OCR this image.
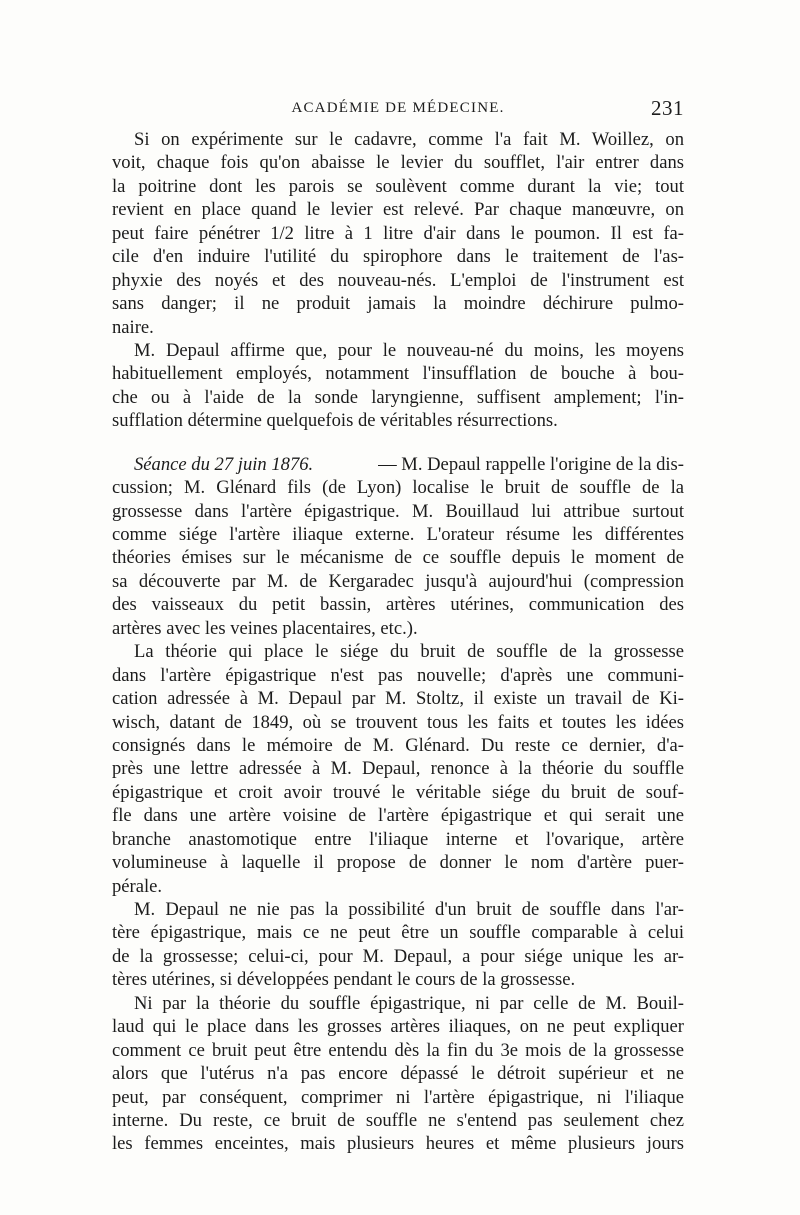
ACADÉMIE DE MÉDECINE.	231
Si on expérimente sur le cadavre, comme l'a fait M. Woillez, on
voit, chaque fois qu'on abaisse le levier du soufflet, l'air entrer dans
la poitrine dont les parois se soulèvent comme durant la vie; tout
revient en place quand le levier est relevé. Par chaque manœuvre, on
peut faire pénétrer 1/2 litre à 1 litre d'air dans le poumon. Il est fa-
cile d'en induire l'utilité du spirophore dans le traitement de l'as-
phyxie des noyés et des nouveau-nés. L'emploi de l'instrument est
sans danger; il ne produit jamais la moindre déchirure pulmo-
naire.
M. Depaul affirme que, pour le nouveau-né du moins, les moyens
habituellement employés, notamment l'insufflation de bouche à bou-
che ou à l'aide de la sonde laryngienne, suffisent amplement; l'in-
sufflation détermine quelquefois de véritables résurrections.
Séance du 27 juin 1876.	— M. Depaul rappelle l'origine de la dis-
cussion; M. Glénard fils (de Lyon) localise le bruit de souffle de la
grossesse dans l'artère épigastrique. M. Bouillaud lui attribue surtout
comme siége l'artère iliaque externe. L'orateur résume les différentes
théories émises sur le mécanisme de ce souffle depuis le moment de
sa découverte par M. de Kergaradec jusqu'à aujourd'hui (compression
des vaisseaux du petit bassin, artères utérines, communication des
artères avec les veines placentaires, etc.).
La théorie qui place le siége du bruit de souffle de la grossesse
dans l'artère épigastrique n'est pas nouvelle; d'après une communi-
cation adressée à M. Depaul par M. Stoltz, il existe un travail de Ki-
wisch, datant de 1849, où se trouvent tous les faits et toutes les idées
consignés dans le mémoire de M. Glénard. Du reste ce dernier, d'a-
près une lettre adressée à M. Depaul, renonce à la théorie du souffle
épigastrique et croit avoir trouvé le véritable siége du bruit de souf-
fle dans une artère voisine de l'artère épigastrique et qui serait une
branche anastomotique entre l'iliaque interne et l'ovarique, artère
volumineuse à laquelle il propose de donner le nom d'artère puer-
pérale.
M. Depaul ne nie pas la possibilité d'un bruit de souffle dans l'ar-
tère épigastrique, mais ce ne peut être un souffle comparable à celui
de la grossesse; celui-ci, pour M. Depaul, a pour siége unique les ar-
tères utérines, si développées pendant le cours de la grossesse.
Ni par la théorie du souffle épigastrique, ni par celle de M. Bouil-
laud qui le place dans les grosses artères iliaques, on ne peut expliquer
comment ce bruit peut être entendu dès la fin du 3e mois de la grossesse
alors que l'utérus n'a pas encore dépassé le détroit supérieur et ne
peut, par conséquent, comprimer ni l'artère épigastrique, ni l'iliaque
interne. Du reste, ce bruit de souffle ne s'entend pas seulement chez
les femmes enceintes, mais plusieurs heures et même plusieurs jours
